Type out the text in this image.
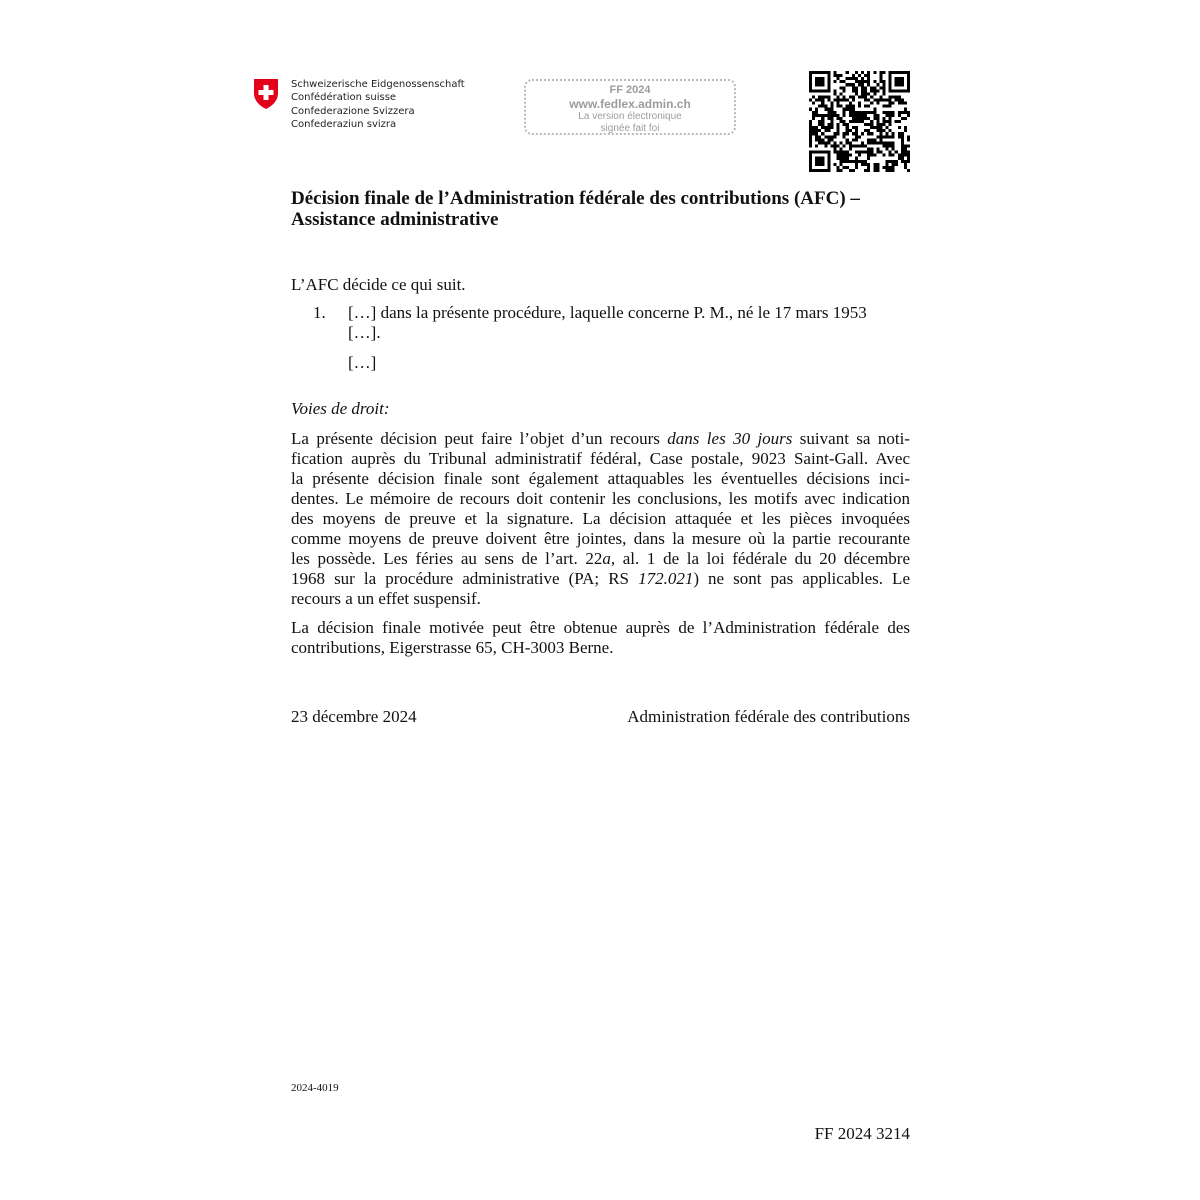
Schweizerische Eidgenossenschaft
Confédération suisse
Confederazione Svizzera
Confederaziun svizra
FF 2024
www.fedlex.admin.ch
La version électronique
signée fait foi
Décision finale de l’Administration fédérale des contributions (AFC) –
Assistance administrative
L’AFC décide ce qui suit.
1. […] dans la présente procédure, laquelle concerne P. M., né le 17 mars 1953
[…].
[…]
Voies de droit:
La présente décision peut faire l’objet d’un recours dans les 30 jours suivant sa noti-
fication auprès du Tribunal administratif fédéral, Case postale, 9023 Saint-Gall. Avec
la présente décision finale sont également attaquables les éventuelles décisions inci-
dentes. Le mémoire de recours doit contenir les conclusions, les motifs avec indication
des moyens de preuve et la signature. La décision attaquée et les pièces invoquées
comme moyens de preuve doivent être jointes, dans la mesure où la partie recourante
les possède. Les féries au sens de l’art. 22a, al. 1 de la loi fédérale du 20 décembre
1968 sur la procédure administrative (PA; RS 172.021) ne sont pas applicables. Le
recours a un effet suspensif.
La décision finale motivée peut être obtenue auprès de l’Administration fédérale des
contributions, Eigerstrasse 65, CH-3003 Berne.
23 décembre 2024	Administration fédérale des contributions
2024-4019
FF 2024 3214
